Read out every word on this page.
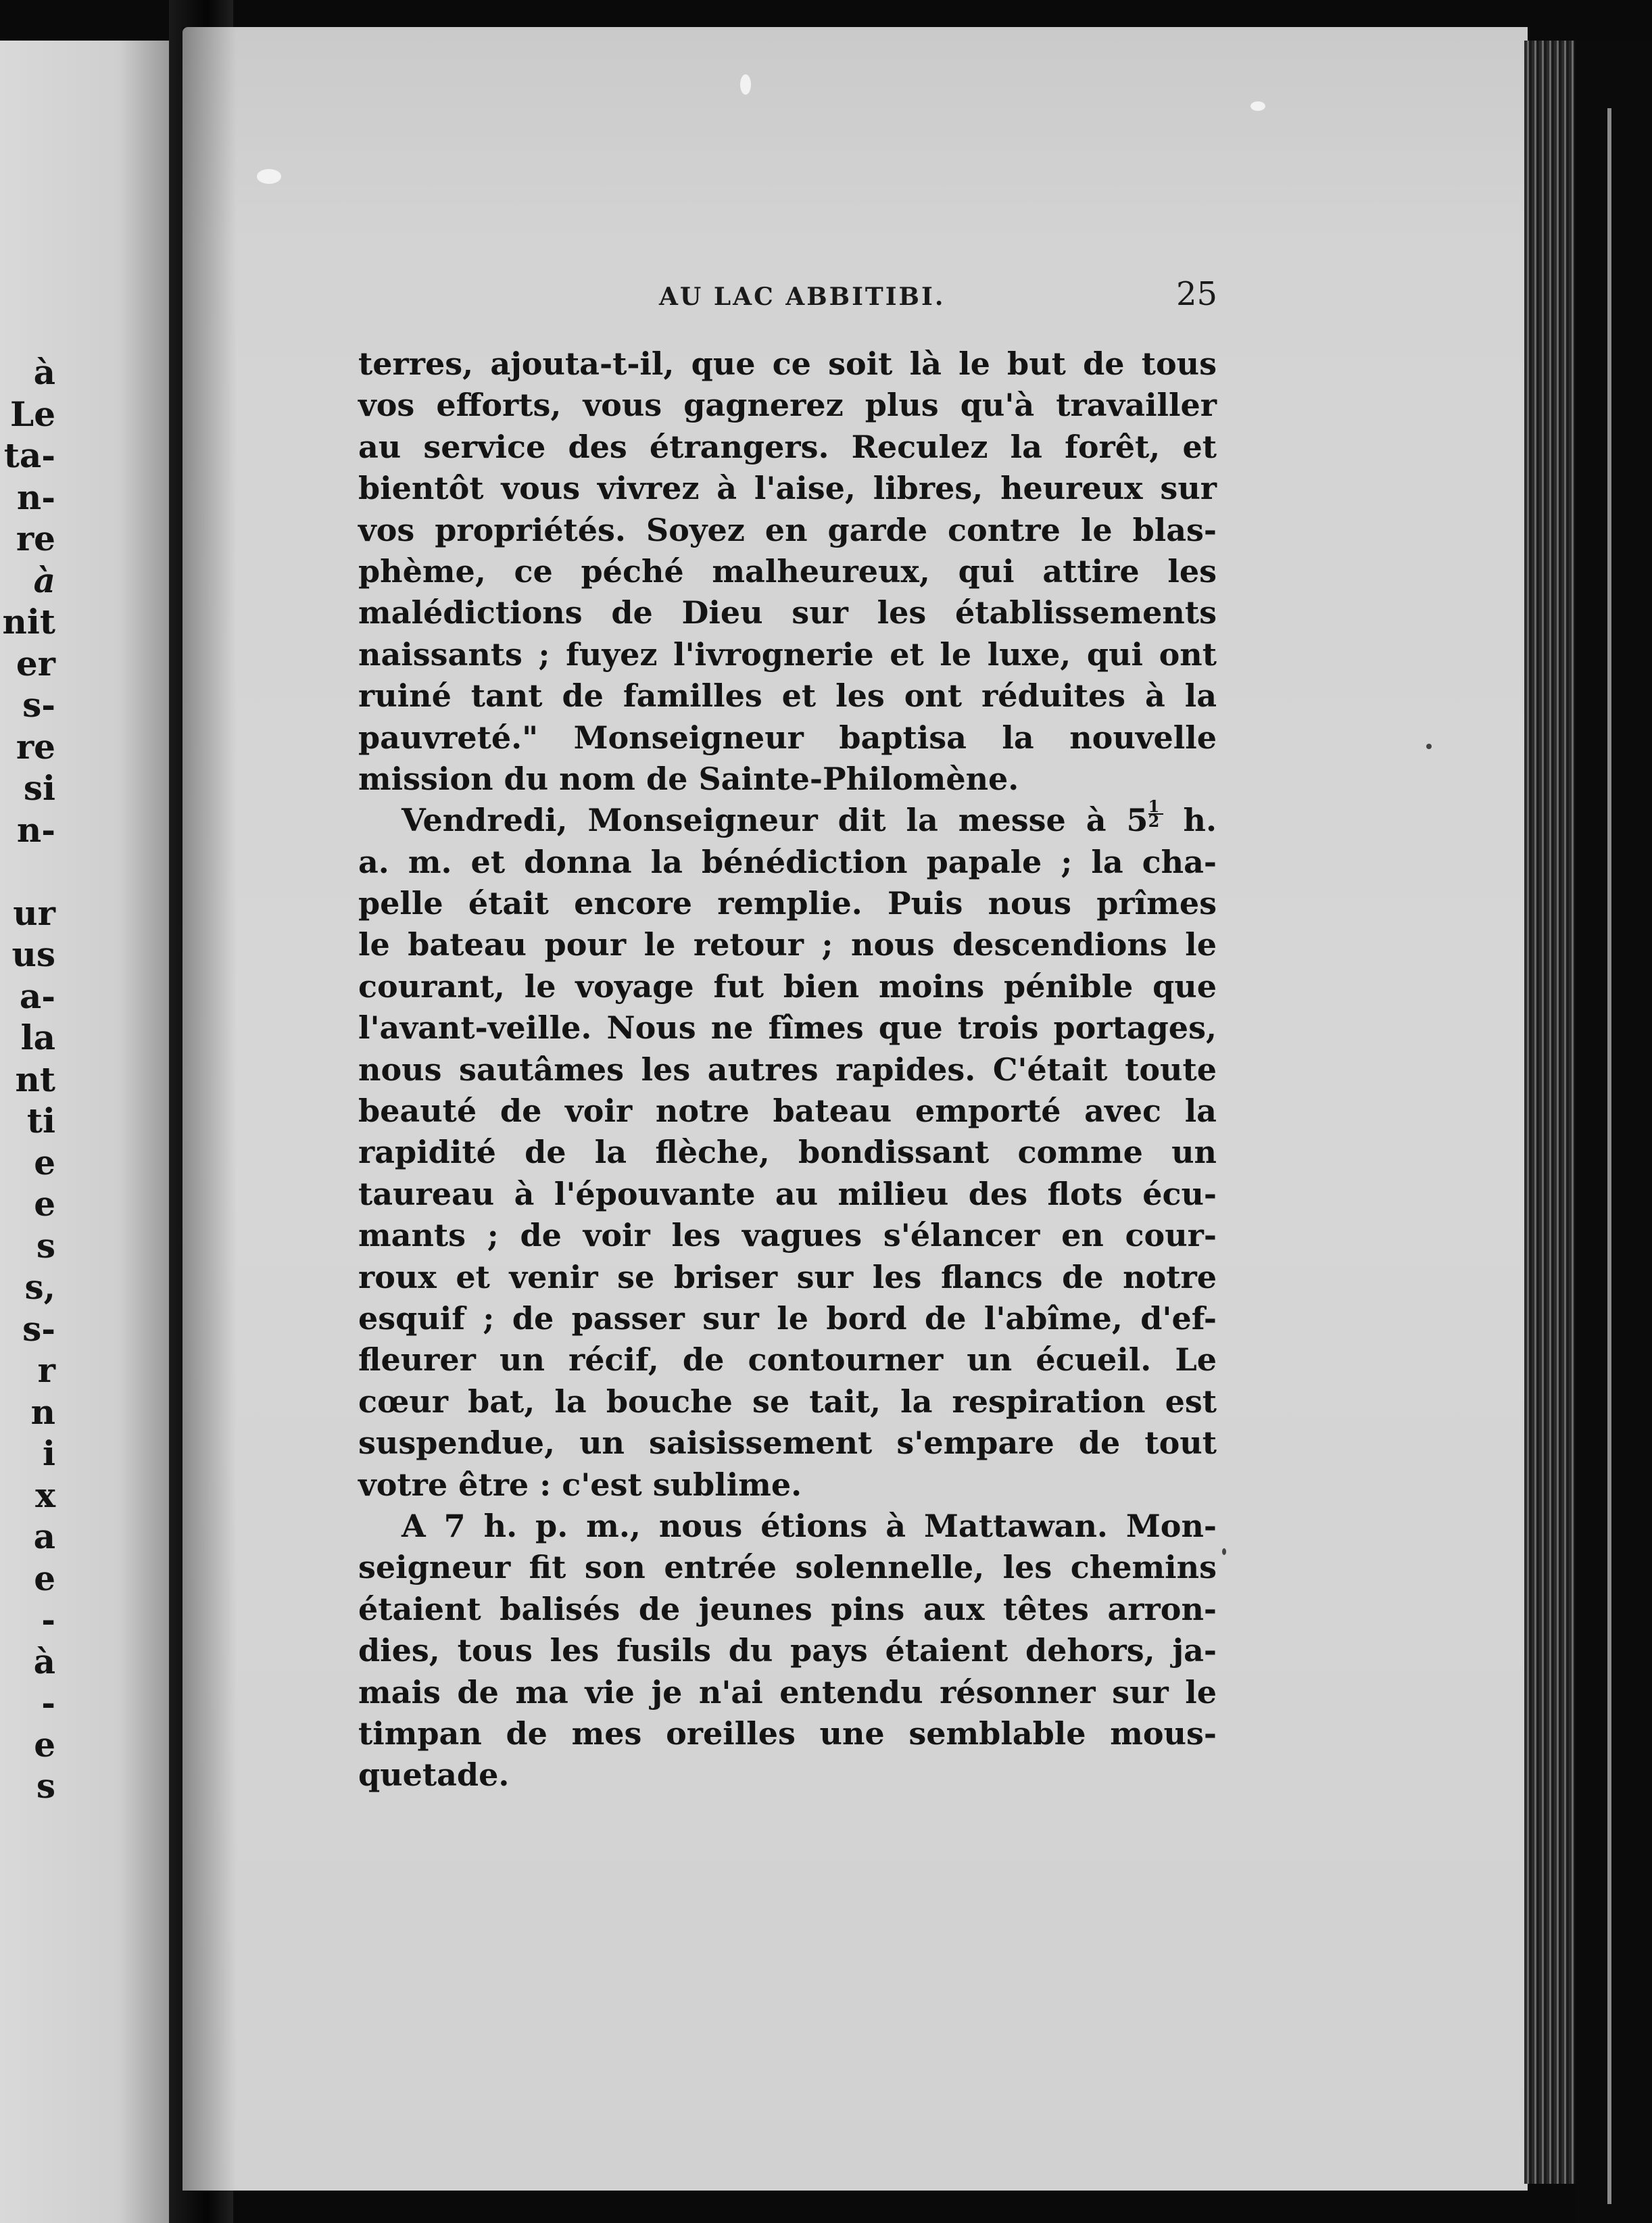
à
Le
ta-
n-
re
à
nit
er
s-
re
si
n-
ur
us
a-
la
nt
ti
e
e
s
s,
s-
r
n
i
x
a
e
-
à
-
e
s
AU LAC ABBITIBI.	25
terres, ajouta-t-il, que ce soit là le but de tous
vos efforts, vous gagnerez plus qu'à travailler
au service des étrangers. Reculez la forêt, et
bientôt vous vivrez à l'aise, libres, heureux sur
vos propriétés. Soyez en garde contre le blas-
phème, ce péché malheureux, qui attire les
malédictions de Dieu sur les établissements
naissants ; fuyez l'ivrognerie et le luxe, qui ont
ruiné tant de familles et les ont réduites à la
pauvreté." Monseigneur baptisa la nouvelle
mission du nom de Sainte-Philomène.
Vendredi, Monseigneur dit la messe à $5 \frac{1}{2} h$.
a. m. et donna la bénédiction papale ; la cha-
pelle était encore remplie. Puis nous prîmes
le bateau pour le retour ; nous descendions le
courant, le voyage fut bien moins pénible que
l'avant-veille. Nous ne fîmes que trois portages,
nous sautâmes les autres rapides. C'était toute
beauté de voir notre bateau emporté avec la
rapidité de la flèche, bondissant comme un
taureau à l'épouvante au milieu des flots écu-
mants ; de voir les vagues s'élancer en cour-
roux et venir se briser sur les flancs de notre
esquif ; de passer sur le bord de l'abîme, d'ef-
fleurer un récif, de contourner un écueil. Le
cœur bat, la bouche se tait, la respiration est
suspendue, un saisissement s'empare de tout
votre être : c'est sublime.
A 7 h. p. m., nous étions à Mattawan. Mon-
seigneur fit son entrée solennelle, les chemins
étaient balisés de jeunes pins aux têtes arron-
dies, tous les fusils du pays étaient dehors, ja-
mais de ma vie je n'ai entendu résonner sur le
timpan de mes oreilles une semblable mous-
quetade.
